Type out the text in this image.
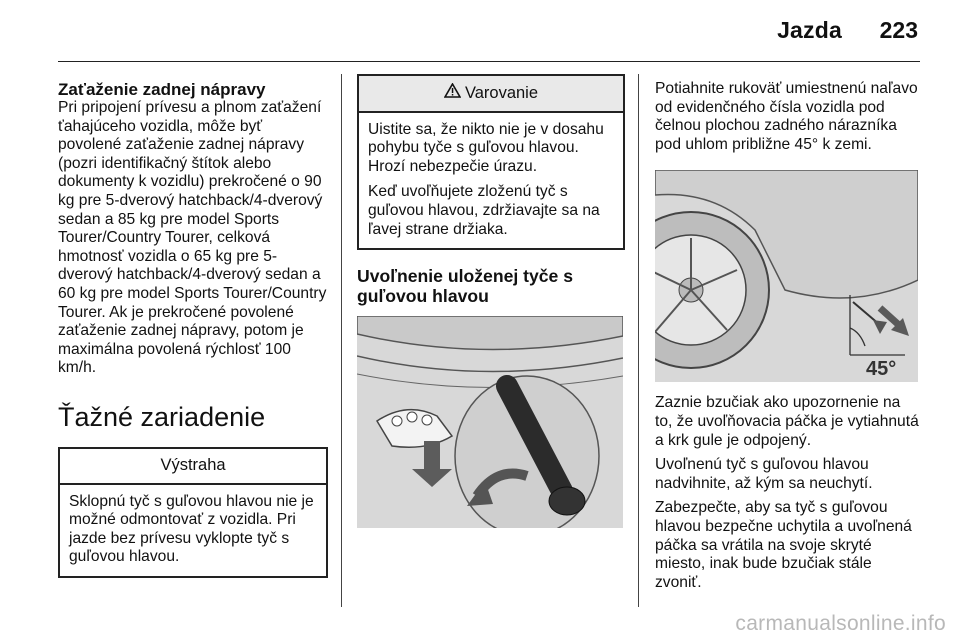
Jazda 223
Zaťaženie zadnej nápravy

Pri pripojení prívesu a plnom zaťažení ťahajúceho vozidla, môže byť povolené zaťaženie zadnej nápravy (pozri identifikačný štítok alebo dokumenty k vozidlu) prekročené o 90 kg pre 5-dverový hatchback/4-dverový sedan a 85 kg pre model Sports Tourer/Country Tourer, celková hmotnosť vozidla o 65 kg pre 5-dverový hatchback/4-dverový sedan a 60 kg pre model Sports Tourer/Country Tourer. Ak je prekročené povolené zaťaženie zadnej nápravy, potom je maximálna povolená rýchlosť 100 km/h.

Ťažné zariadenie
Výstraha

Sklopnú tyč s guľovou hlavou nie je možné odmontovať z vozidla. Pri jazde bez prívesu vyklopte tyč s guľovou hlavou.

Varovanie

Uistite sa, že nikto nie je v dosahu pohybu tyče s guľovou hlavou. Hrozí nebezpečie úrazu.

Keď uvoľňujete zloženú tyč s guľovou hlavou, zdržiavajte sa na ľavej strane držiaka.

Uvoľnenie uloženej tyče s guľovou hlavou

Potiahnite rukoväť umiestnenú naľavo od evidenčného čísla vozidla pod čelnou plochou zadného nárazníka pod uhlom približne 45° k zemi.

45°

Zaznie bzučiak ako upozornenie na to, že uvoľňovacia páčka je vytiahnutá a krk gule je odpojený.

Uvoľnenú tyč s guľovou hlavou nadvihnite, až kým sa neuchytí.

Zabezpečte, aby sa tyč s guľovou hlavou bezpečne uchytila a uvoľnená páčka sa vrátila na svoje skryté miesto, inak bude bzučiak stále zvoniť.

carmanualsonline.info
